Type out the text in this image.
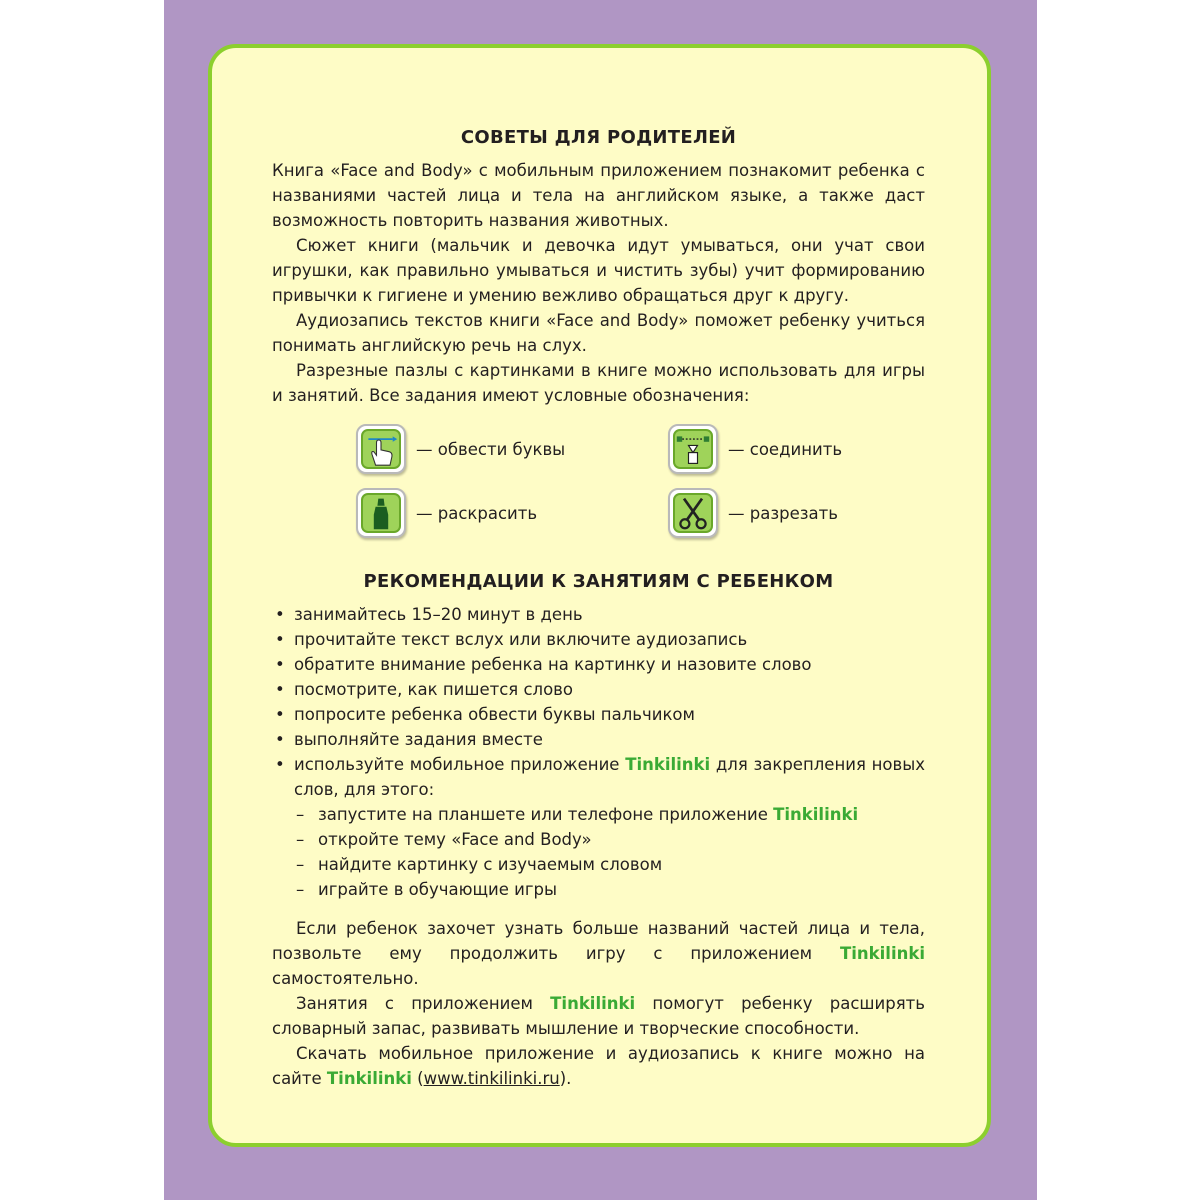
СОВЕТЫ ДЛЯ РОДИТЕЛЕЙ

Книга «Face and Body» с мобильным приложением познакомит ребенка с названиями частей лица и тела на английском языке, а также даст возможность повторить названия животных.

Сюжет книги (мальчик и девочка идут умываться, они учат свои игрушки, как правильно умываться и чистить зубы) учит формированию привычки к гигиене и умению вежливо обращаться друг к другу.

Аудиозапись текстов книги «Face and Body» поможет ребенку учиться понимать английскую речь на слух.

Разрезные пазлы с картинками в книге можно использовать для игры и занятий. Все задания имеют условные обозначения:

— обвести буквы	— соединить
— раскрасить	— разрезать
РЕКОМЕНДАЦИИ К ЗАНЯТИЯМ С РЕБЕНКОМ
• занимайтесь 15–20 минут в день
• прочитайте текст вслух или включите аудиозапись
• обратите внимание ребенка на картинку и назовите слово
• посмотрите, как пишется слово
• попросите ребенка обвести буквы пальчиком
• выполняйте задания вместе
• используйте мобильное приложение Tinkilinki для закрепления новых слов, для этого:
– запустите на планшете или телефоне приложение Tinkilinki
– откройте тему «Face and Body»
– найдите картинку с изучаемым словом
– играйте в обучающие игры

Если ребенок захочет узнать больше названий частей лица и тела, позвольте ему продолжить игру с приложением Tinkilinki самостоятельно.

Занятия с приложением Tinkilinki помогут ребенку расширять словарный запас, развивать мышление и творческие способности.

Скачать мобильное приложение и аудиозапись к книге можно на сайте Tinkilinki (www.tinkilinki.ru).
